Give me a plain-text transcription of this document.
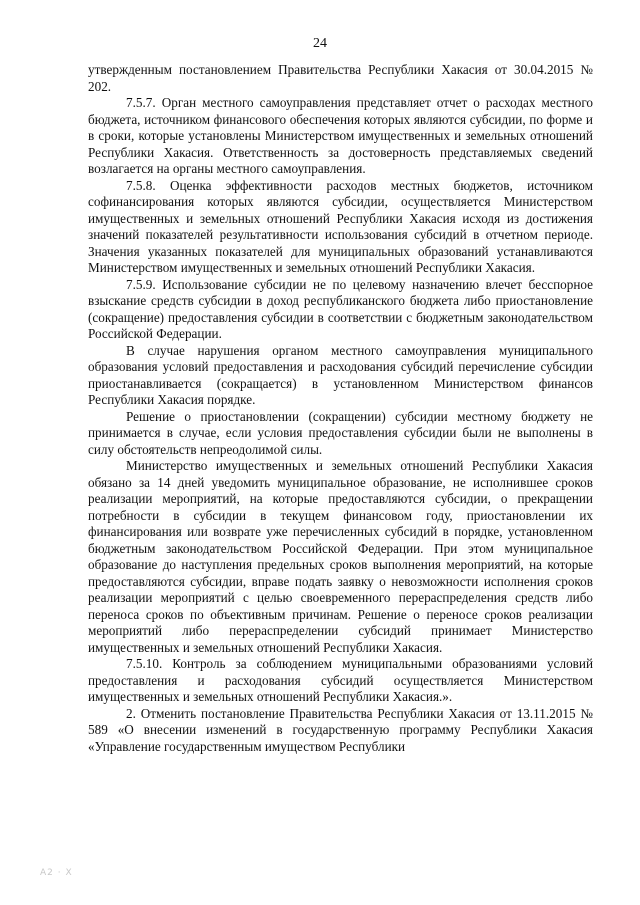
24

утвержденным постановлением Правительства Республики Хакасия от 30.04.2015 № 202.

7.5.7. Орган местного самоуправления представляет отчет о расходах местного бюджета, источником финансового обеспечения которых являются субсидии, по форме и в сроки, которые установлены Министерством имущественных и земельных отношений Республики Хакасия. Ответственность за достоверность представляемых сведений возлагается на органы местного самоуправления.

7.5.8. Оценка эффективности расходов местных бюджетов, источником софинансирования которых являются субсидии, осуществляется Министерством имущественных и земельных отношений Республики Хакасия исходя из достижения значений показателей результативности использования субсидий в отчетном периоде. Значения указанных показателей для муниципальных образований устанавливаются Министерством имущественных и земельных отношений Республики Хакасия.

7.5.9. Использование субсидии не по целевому назначению влечет бесспорное взыскание средств субсидии в доход республиканского бюджета либо приостановление (сокращение) предоставления субсидии в соответствии с бюджетным законодательством Российской Федерации.

В случае нарушения органом местного самоуправления муниципального образования условий предоставления и расходования субсидий перечисление субсидии приостанавливается (сокращается) в установленном Министерством финансов Республики Хакасия порядке.

Решение о приостановлении (сокращении) субсидии местному бюджету не принимается в случае, если условия предоставления субсидии были не выполнены в силу обстоятельств непреодолимой силы.

Министерство имущественных и земельных отношений Республики Хакасия обязано за 14 дней уведомить муниципальное образование, не исполнившее сроков реализации мероприятий, на которые предоставляются субсидии, о прекращении потребности в субсидии в текущем финансовом году, приостановлении их финансирования или возврате уже перечисленных субсидий в порядке, установленном бюджетным законодательством Российской Федерации. При этом муниципальное образование до наступления предельных сроков выполнения мероприятий, на которые предоставляются субсидии, вправе подать заявку о невозможности исполнения сроков реализации мероприятий с целью своевременного перераспределения средств либо переноса сроков по объективным причинам. Решение о переносе сроков реализации мероприятий либо перераспределении субсидий принимает Министерство имущественных и земельных отношений Республики Хакасия.

7.5.10. Контроль за соблюдением муниципальными образованиями условий предоставления и расходования субсидий осуществляется Министерством имущественных и земельных отношений Республики Хакасия.».

2. Отменить постановление Правительства Республики Хакасия от 13.11.2015 № 589 «О внесении изменений в государственную программу Республики Хакасия «Управление государственным имуществом Республики

A2 · X
